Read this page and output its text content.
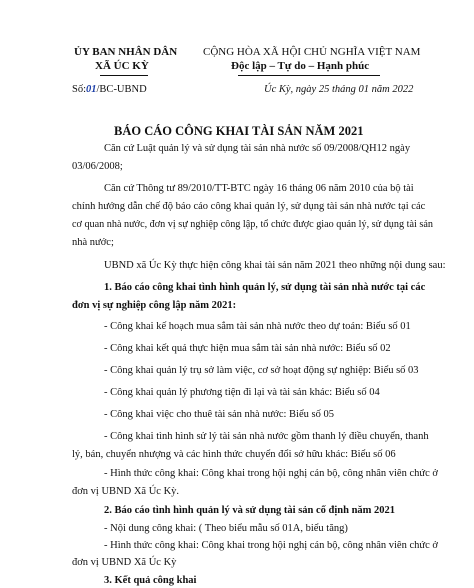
ỦY BAN NHÂN DÂN
XÃ ÚC KỲ
CỘNG HÒA XÃ HỘI CHỦ NGHĨA VIỆT NAM
Độc lập – Tự do – Hạnh phúc
Số:01/BC-UBND	Úc Kỳ, ngày 25 tháng 01 năm 2022
BÁO CÁO CÔNG KHAI TÀI SẢN NĂM 2021
Căn cứ Luật quản lý và sử dụng tài sản nhà nước số 09/2008/QH12 ngày
03/06/2008;
Căn cứ Thông tư 89/2010/TT-BTC ngày 16 tháng 06 năm 2010 của bộ tài
chính hướng dẫn chế độ báo cáo công khai quản lý, sử dụng tài sản nhà nước tại các
cơ quan nhà nước, đơn vị sự nghiệp công lập, tổ chức được giao quản lý, sử dụng tài sản
nhà nước;
UBND xã Úc Kỳ thực hiện công khai tài sản năm 2021 theo những nội dung sau:
1. Báo cáo công khai tình hình quản lý, sử dụng tài sản nhà nước tại các
đơn vị sự nghiệp công lập năm 2021:
- Công khai kế hoạch mua sắm tài sản nhà nước theo dự toán: Biểu số 01
- Công khai kết quả thực hiện mua sắm tài sản nhà nước: Biểu số 02
- Công khai quản lý trụ sở làm việc, cơ sở hoạt động sự nghiệp: Biểu số 03
- Công khai quản lý phương tiện đi lại và tài sản khác: Biểu số 04
- Công khai việc cho thuê tài sản nhà nước: Biểu số 05
- Công khai tình hình sử lý tài sản nhà nước gồm thanh lý điều chuyển, thanh
lý, bán, chuyển nhượng và các hình thức chuyển đổi sở hữu khác: Biểu số 06
- Hình thức công khai: Công khai trong hội nghị cán bộ, công nhân viên chức ở
đơn vị UBND Xã Úc Kỳ.
2. Báo cáo tình hình quản lý và sử dụng tài sản cố định năm 2021
- Nội dung công khai: ( Theo biểu mẫu số 01A, biểu tăng)
- Hình thức công khai: Công khai trong hội nghị cán bộ, công nhân viên chức ở
đơn vị UBND Xã Úc Kỳ
3. Kết quả công khai
